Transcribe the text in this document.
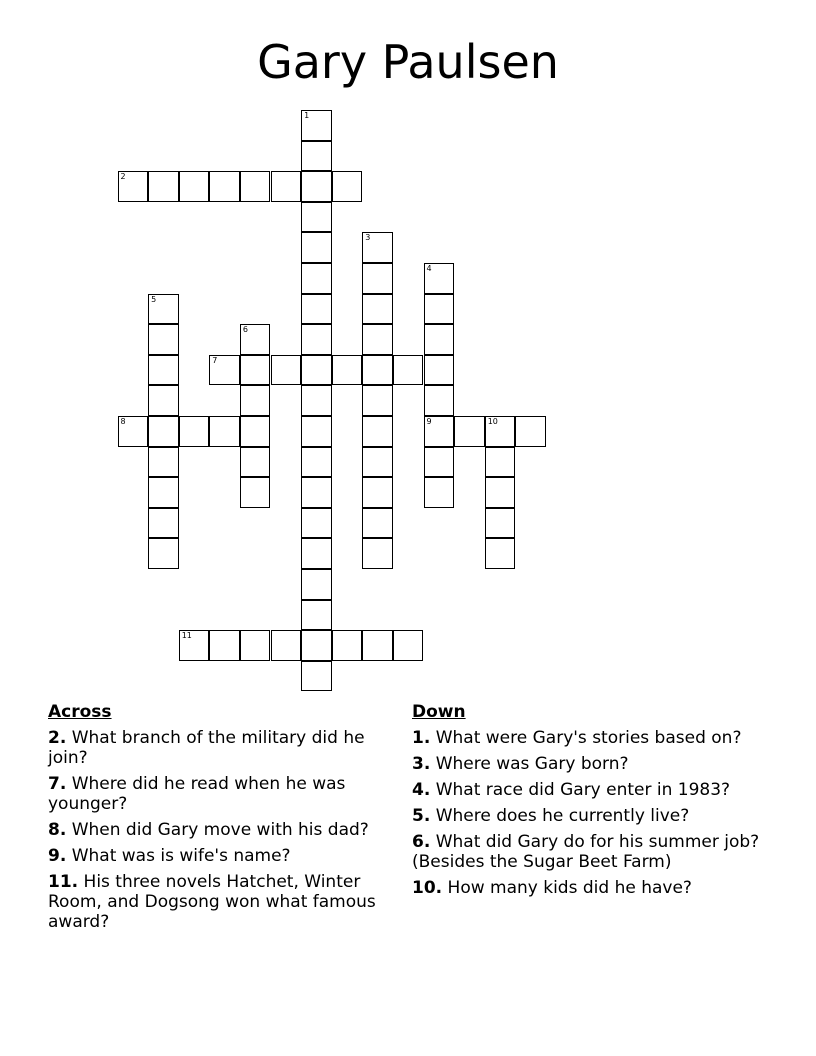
Gary Paulsen
1
2
3
4
9
5
6
7
8	10
11
Across
2. What branch of the military did he join?
7. Where did he read when he was younger?
8. When did Gary move with his dad?
9. What was is wife's name?
11. His three novels Hatchet, Winter Room, and Dogsong won what famous award?
Down
1. What were Gary's stories based on?
3. Where was Gary born?
4. What race did Gary enter in 1983?
5. Where does he currently live?
6. What did Gary do for his summer job? (Besides the Sugar Beet Farm)
10. How many kids did he have?
